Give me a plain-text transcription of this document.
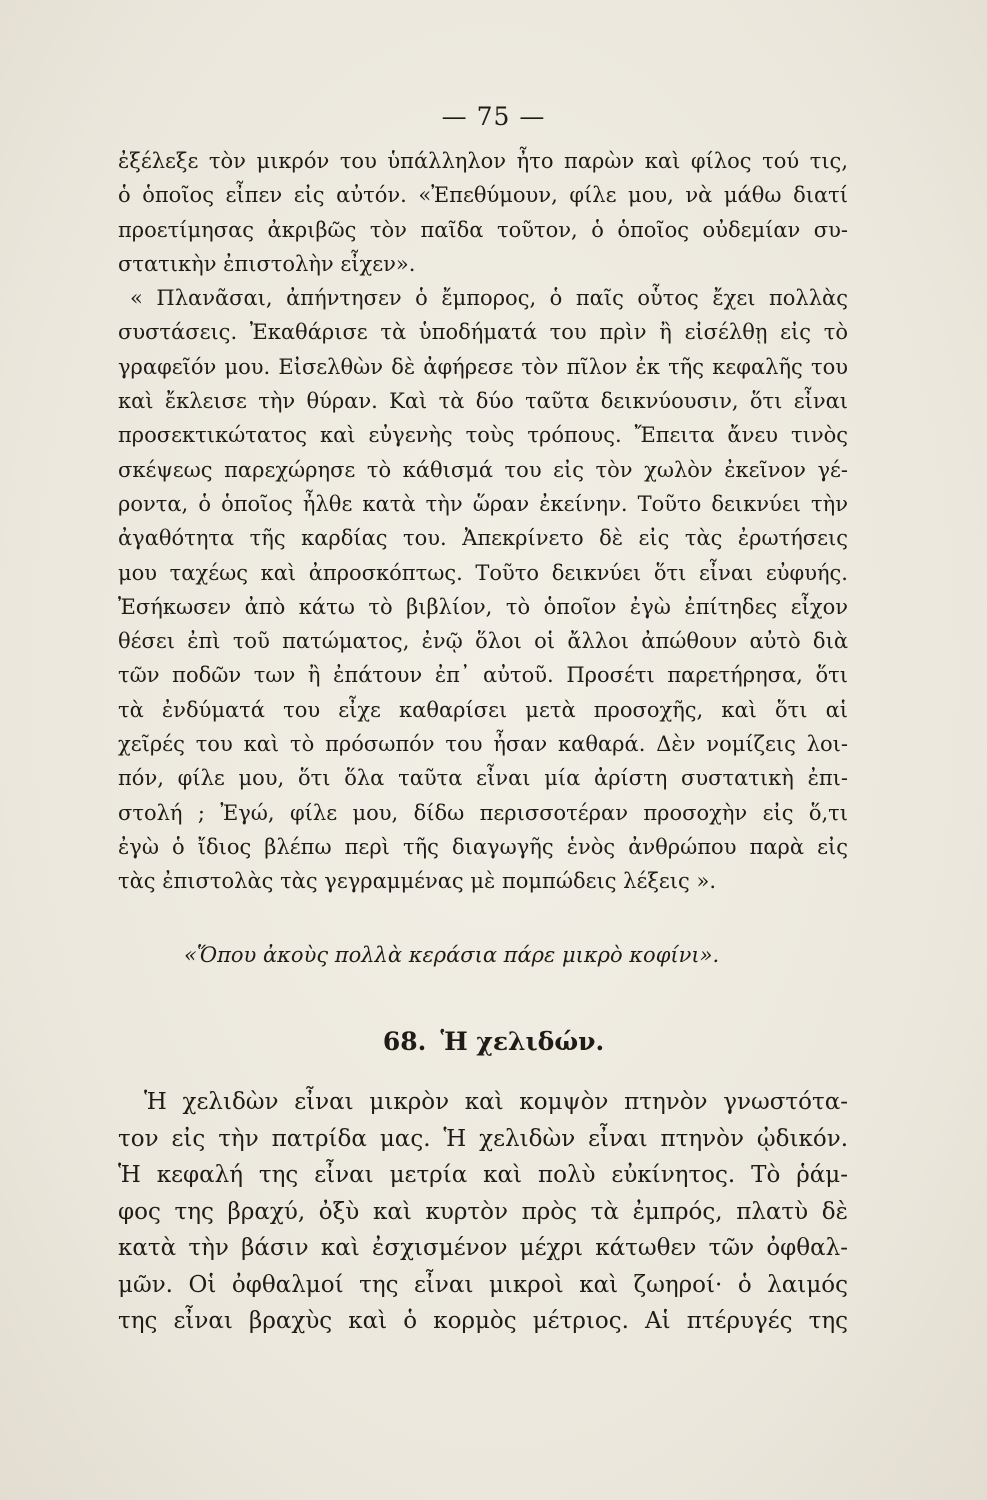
— 75 —
ἐξέλεξε τὸν μικρόν του ὑπάλληλον ἦτο παρὼν καὶ φίλος τού τις,
ὁ ὁποῖος εἶπεν εἰς αὐτόν. «Ἐπεθύμουν, φίλε μου, νὰ μάθω διατί
προετίμησας ἀκριβῶς τὸν παῖδα τοῦτον, ὁ ὁποῖος οὐδεμίαν συ-
στατικὴν ἐπιστολὴν εἶχεν».
« Πλανᾶσαι, ἀπήντησεν ὁ ἔμπορος, ὁ παῖς οὗτος ἔχει πολλὰς
συστάσεις. Ἐκαθάρισε τὰ ὑποδήματά του πρὶν ἢ εἰσέλθῃ εἰς τὸ
γραφεῖόν μου. Εἰσελθὼν δὲ ἀφήρεσε τὸν πῖλον ἐκ τῆς κεφαλῆς του
καὶ ἔκλεισε τὴν θύραν. Καὶ τὰ δύο ταῦτα δεικνύουσιν, ὅτι εἶναι
προσεκτικώτατος καὶ εὐγενὴς τοὺς τρόπους. Ἔπειτα ἄνευ τινὸς
σκέψεως παρεχώρησε τὸ κάθισμά του εἰς τὸν χωλὸν ἐκεῖνον γέ-
ροντα, ὁ ὁποῖος ἦλθε κατὰ τὴν ὥραν ἐκείνην. Τοῦτο δεικνύει τὴν
ἀγαθότητα τῆς καρδίας του. Ἀπεκρίνετο δὲ εἰς τὰς ἐρωτήσεις
μου ταχέως καὶ ἀπροσκόπτως. Τοῦτο δεικνύει ὅτι εἶναι εὐφυής.
Ἐσήκωσεν ἀπὸ κάτω τὸ βιβλίον, τὸ ὁποῖον ἐγὼ ἐπίτηδες εἶχον
θέσει ἐπὶ τοῦ πατώματος, ἐνῷ ὅλοι οἱ ἄλλοι ἀπώθουν αὐτὸ διὰ
τῶν ποδῶν των ἢ ἐπάτουν ἐπ᾽ αὐτοῦ. Προσέτι παρετήρησα, ὅτι
τὰ ἐνδύματά του εἶχε καθαρίσει μετὰ προσοχῆς, καὶ ὅτι αἱ
χεῖρές του καὶ τὸ πρόσωπόν του ἦσαν καθαρά. Δὲν νομίζεις λοι-
πόν, φίλε μου, ὅτι ὅλα ταῦτα εἶναι μία ἀρίστη συστατικὴ ἐπι-
στολή ; Ἐγώ, φίλε μου, δίδω περισσοτέραν προσοχὴν εἰς ὅ,τι
ἐγὼ ὁ ἴδιος βλέπω περὶ τῆς διαγωγῆς ἑνὸς ἀνθρώπου παρὰ εἰς
τὰς ἐπιστολὰς τὰς γεγραμμένας μὲ πομπώδεις λέξεις ».
«Ὅπου ἀκοὺς πολλὰ κεράσια πάρε μικρὸ κοφίνι».
68. Ἡ χελιδών.
Ἡ χελιδὼν εἶναι μικρὸν καὶ κομψὸν πτηνὸν γνωστότα-
τον εἰς τὴν πατρίδα μας. Ἡ χελιδὼν εἶναι πτηνὸν ᾠδικόν.
Ἡ κεφαλή της εἶναι μετρία καὶ πολὺ εὐκίνητος. Τὸ ῥάμ-
φος της βραχύ, ὀξὺ καὶ κυρτὸν πρὸς τὰ ἐμπρός, πλατὺ δὲ
κατὰ τὴν βάσιν καὶ ἐσχισμένον μέχρι κάτωθεν τῶν ὀφθαλ-
μῶν. Οἱ ὀφθαλμοί της εἶναι μικροὶ καὶ ζωηροί· ὁ λαιμός
της εἶναι βραχὺς καὶ ὁ κορμὸς μέτριος. Αἱ πτέρυγές της
